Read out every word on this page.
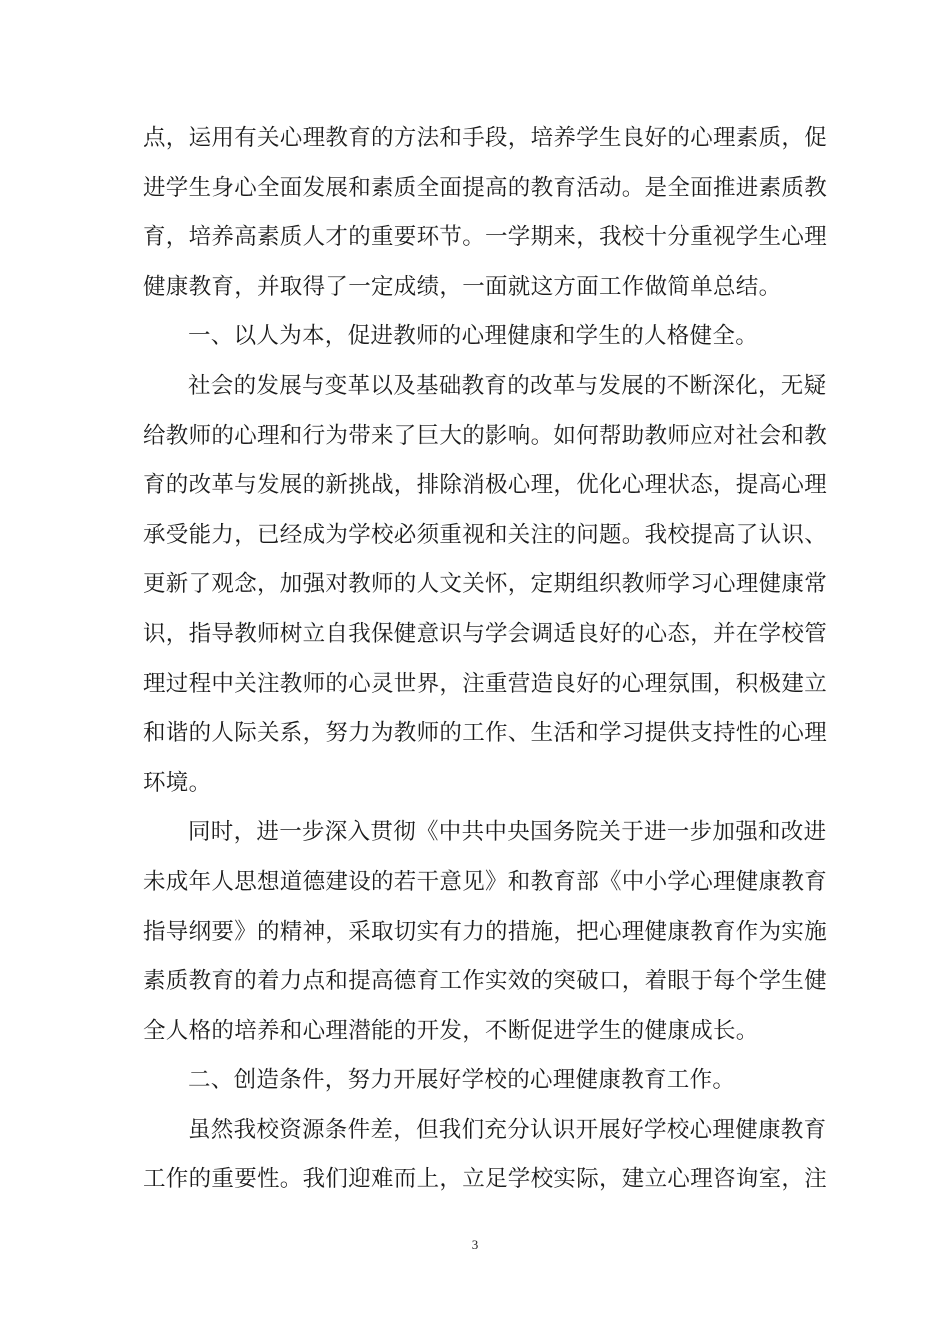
点，运用有关心理教育的方法和手段，培养学生良好的心理素质，促
进学生身心全面发展和素质全面提高的教育活动。是全面推进素质教
育，培养高素质人才的重要环节。一学期来，我校十分重视学生心理
健康教育，并取得了一定成绩，一面就这方面工作做简单总结。

一、以人为本，促进教师的心理健康和学生的人格健全。

社会的发展与变革以及基础教育的改革与发展的不断深化，无疑
给教师的心理和行为带来了巨大的影响。如何帮助教师应对社会和教
育的改革与发展的新挑战，排除消极心理，优化心理状态，提高心理
承受能力，已经成为学校必须重视和关注的问题。我校提高了认识、
更新了观念，加强对教师的人文关怀，定期组织教师学习心理健康常
识，指导教师树立自我保健意识与学会调适良好的心态，并在学校管
理过程中关注教师的心灵世界，注重营造良好的心理氛围，积极建立
和谐的人际关系，努力为教师的工作、生活和学习提供支持性的心理
环境。

同时，进一步深入贯彻《中共中央国务院关于进一步加强和改进
未成年人思想道德建设的若干意见》和教育部《中小学心理健康教育
指导纲要》的精神，采取切实有力的措施，把心理健康教育作为实施
素质教育的着力点和提高德育工作实效的突破口，着眼于每个学生健
全人格的培养和心理潜能的开发，不断促进学生的健康成长。

二、创造条件，努力开展好学校的心理健康教育工作。

虽然我校资源条件差，但我们充分认识开展好学校心理健康教育
工作的重要性。我们迎难而上，立足学校实际，建立心理咨询室，注

3
